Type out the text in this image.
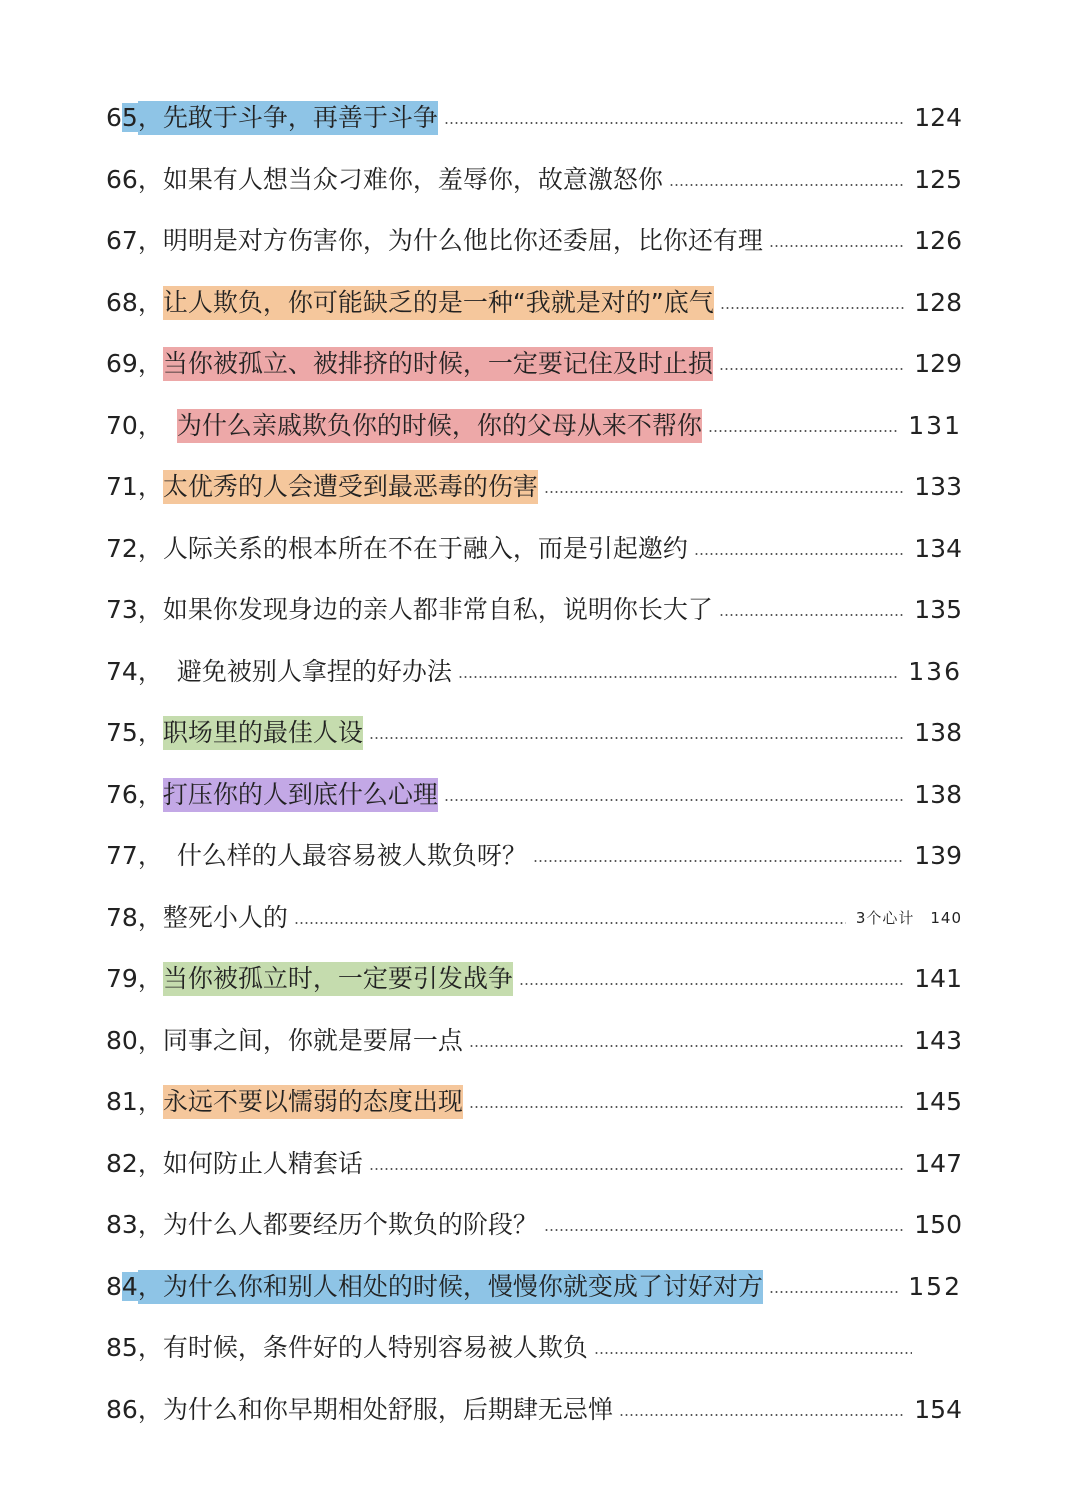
65 ， 先敢于斗争，再善于斗争	124
66 ， 如果有人想当众刁难你，羞辱你，故意激怒你	125
67 ， 明明是对方伤害你，为什么他比你还委屈，比你还有理	126
68 ， 让人欺负，你可能缺乏的是一种“我就是对的”底气	128
69 ， 当你被孤立、被排挤的时候，一定要记住及时止损	129
70 ， 为什么亲戚欺负你的时候，你的父母从来不帮你	131
71 ， 太优秀的人会遭受到最恶毒的伤害	133
72 ， 人际关系的根本所在不在于融入，而是引起邀约	134
73 ， 如果你发现身边的亲人都非常自私，说明你长大了	135
74 ， 避免被别人拿捏的好办法	136
75 ， 职场里的最佳人设	138
76 ， 打压你的人到底什么心理	138
77 ， 什么样的人最容易被人欺负呀？	139
78 ， 整死小人的	3个心计　140
79 ， 当你被孤立时，一定要引发战争	141
80 ， 同事之间，你就是要屌一点	143
81 ， 永远不要以懦弱的态度出现	145
82 ， 如何防止人精套话	147
83 ， 为什么人都要经历个欺负的阶段？	150
84 ， 为什么你和别人相处的时候，慢慢你就变成了讨好对方	152
85 ， 有时候，条件好的人特别容易被人欺负
86 ， 为什么和你早期相处舒服，后期肆无忌惮	154
